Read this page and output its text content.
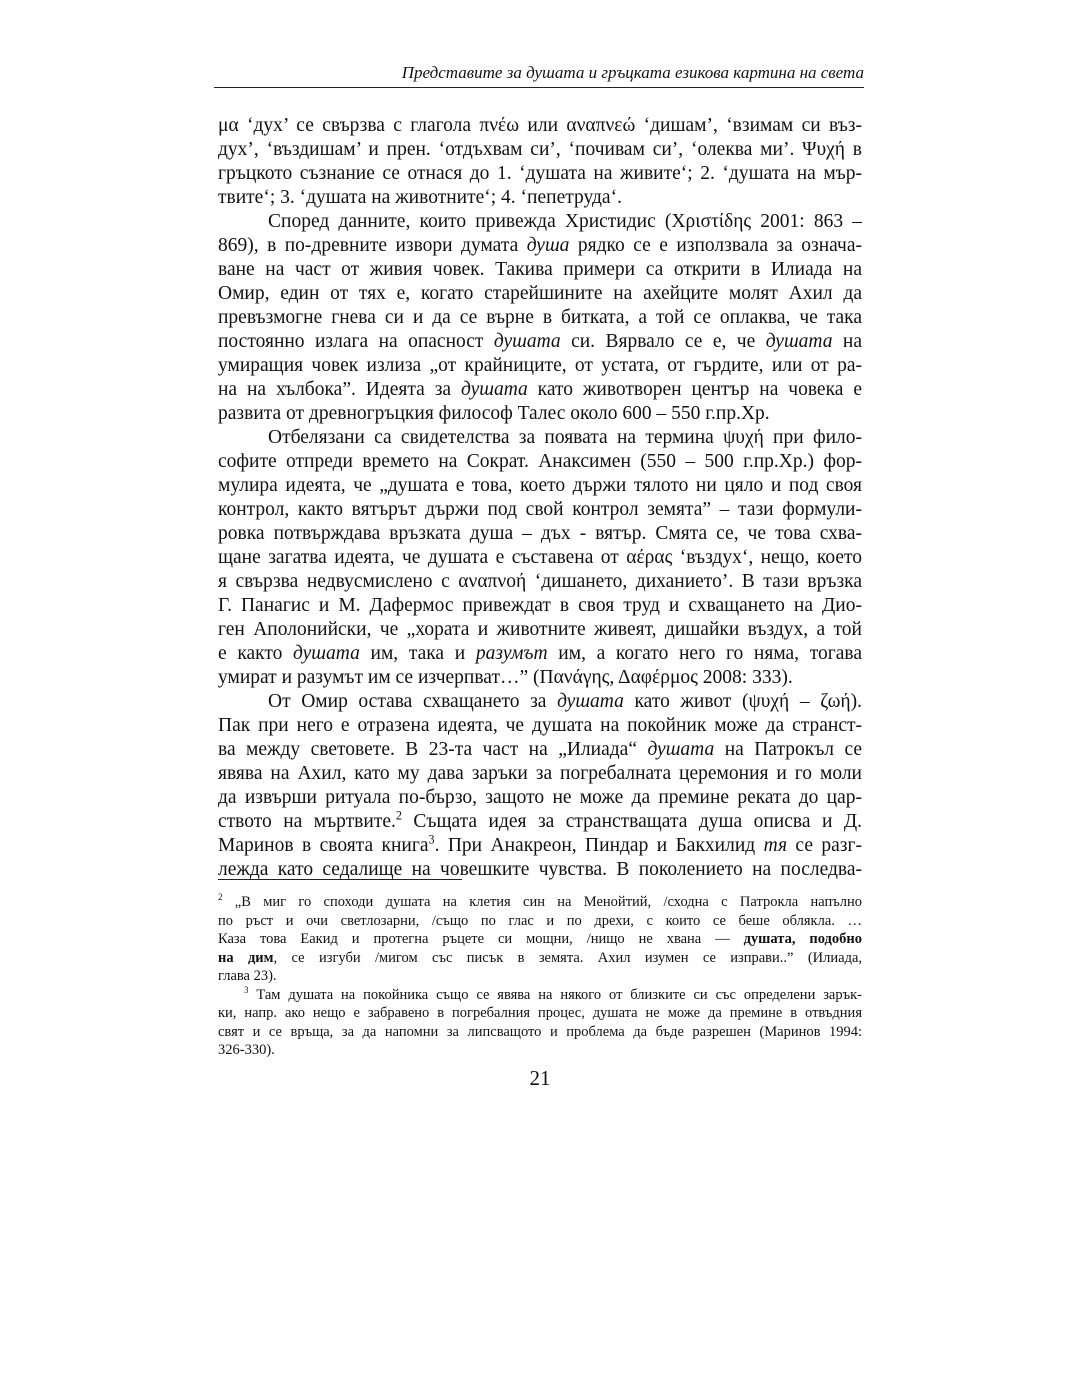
Представите за душата и гръцката езикова картина на света
μα ‘дух’ се свързва с глагола πνέω или αναπνεώ ‘дишам’, ‘взимам си въз-
дух’, ‘въздишам’ и прен. ‘отдъхвам си’, ‘почивам си’, ‘олеква ми’. Ψυχή в
гръцкото съзнание се отнася до 1. ‘душата на живите‘; 2. ‘душата на мър-
твите‘; 3. ‘душата на животните‘; 4. ‘пепетруда‘.
Според данните, които привежда Христидис (Χριστίδης 2001: 863 –
869), в по-древните извори думата душа рядко се е използвала за означа-
ване на част от живия човек. Такива примери са открити в Илиада на
Омир, един от тях е, когато старейшините на ахейците молят Ахил да
превъзмогне гнева си и да се върне в битката, а той се оплаква, че така
постоянно излага на опасност душата си. Вярвало се е, че душата на
умиращия човек излиза „от крайниците, от устата, от гърдите, или от ра-
на на хълбока”. Идеята за душата като животворен център на човека е
развита от древногръцкия философ Талес около 600 – 550 г.пр.Хр.
Отбелязани са свидетелства за появата на термина ψυχή при фило-
софите отпреди времето на Сократ. Анаксимен (550 – 500 г.пр.Хр.) фор-
мулира идеята, че „душата е това, което държи тялото ни цяло и под своя
контрол, както вятърът държи под свой контрол земята” – тази формули-
ровка потвърждава връзката душа – дъх - вятър. Смята се, че това схва-
щане загатва идеята, че душата е съставена от αέρας ‘въздух‘, нещо, което
я свързва недвусмислено с αναπνοή ‘дишането, диханието’. В тази връзка
Г. Панагис и М. Дафермос привеждат в своя труд и схващането на Дио-
ген Аполонийски, че „хората и животните живеят, дишайки въздух, а той
е както душата им, така и разумът им, а когато него го няма, тогава
умират и разумът им се изчерпват…” (Πανάγης, Δαφέρμος 2008: 333).
От Омир остава схващането за душата като живот (ψυχή – ζωή).
Пак при него е отразена идеята, че душата на покойник може да странст-
ва между световете. В 23-та част на „Илиада“ душата на Патрокъл се
явява на Ахил, като му дава заръки за погребалната церемония и го моли
да извърши ритуала по-бързо, защото не може да премине реката до цар-
ството на мъртвите.$^2$ Същата идея за странстващата душа описва и Д.
Маринов в своята книга$^3$. При Анакреон, Пиндар и Бакхилид тя се разг-
лежда като седалище на човешките чувства. В поколението на последва-
$^2$ „В миг го споходи душата на клетия син на Менойтий, /сходна с Патрокла напълно
по ръст и очи светлозарни, /също по глас и по дрехи, с които се беше облякла. …
Каза това Еакид и протегна ръцете си мощни, /нищо не хвана — душата, подобно
на дим, се изгуби /мигом със писък в земята. Ахил изумен се изправи..” (Илиада,
глава 23).
$^3$ Там душата на покойника също се явява на някого от близките си със определени зарък-
ки, напр. ако нещо е забравено в погребалния процес, душата не може да премине в отвъдния
свят и се връща, за да напомни за липсващото и проблема да бъде разрешен (Маринов 1994:
326-330).
21
